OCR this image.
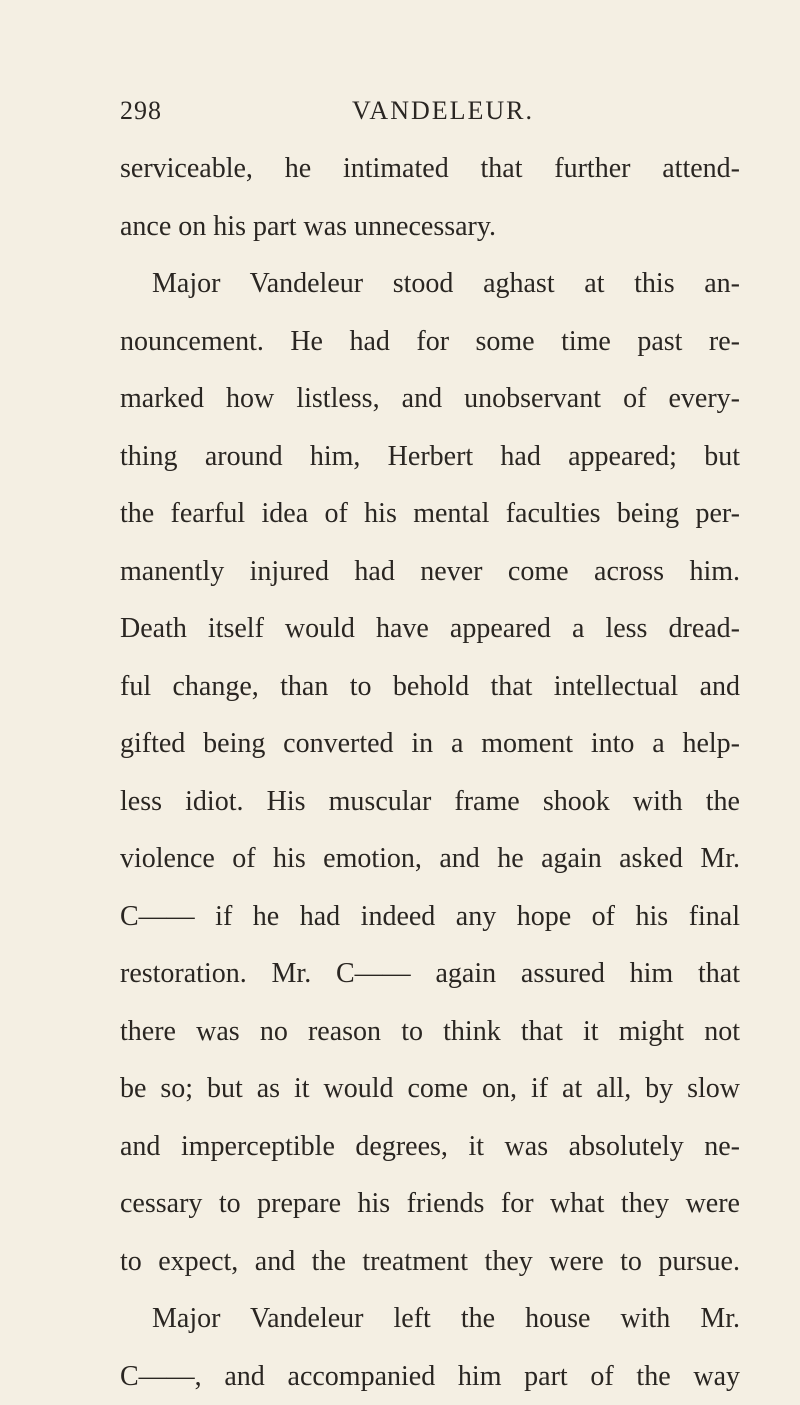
298	VANDELEUR.
serviceable, he intimated that further attend-
ance on his part was unnecessary.
Major Vandeleur stood aghast at this an-
nouncement. He had for some time past re-
marked how listless, and unobservant of every-
thing around him, Herbert had appeared; but
the fearful idea of his mental faculties being per-
manently injured had never come across him.
Death itself would have appeared a less dread-
ful change, than to behold that intellectual and
gifted being converted in a moment into a help-
less idiot. His muscular frame shook with the
violence of his emotion, and he again asked Mr.
C—— if he had indeed any hope of his final
restoration. Mr. C—— again assured him that
there was no reason to think that it might not
be so; but as it would come on, if at all, by slow
and imperceptible degrees, it was absolutely ne-
cessary to prepare his friends for what they were
to expect, and the treatment they were to pursue.
Major Vandeleur left the house with Mr.
C——, and accompanied him part of the way
